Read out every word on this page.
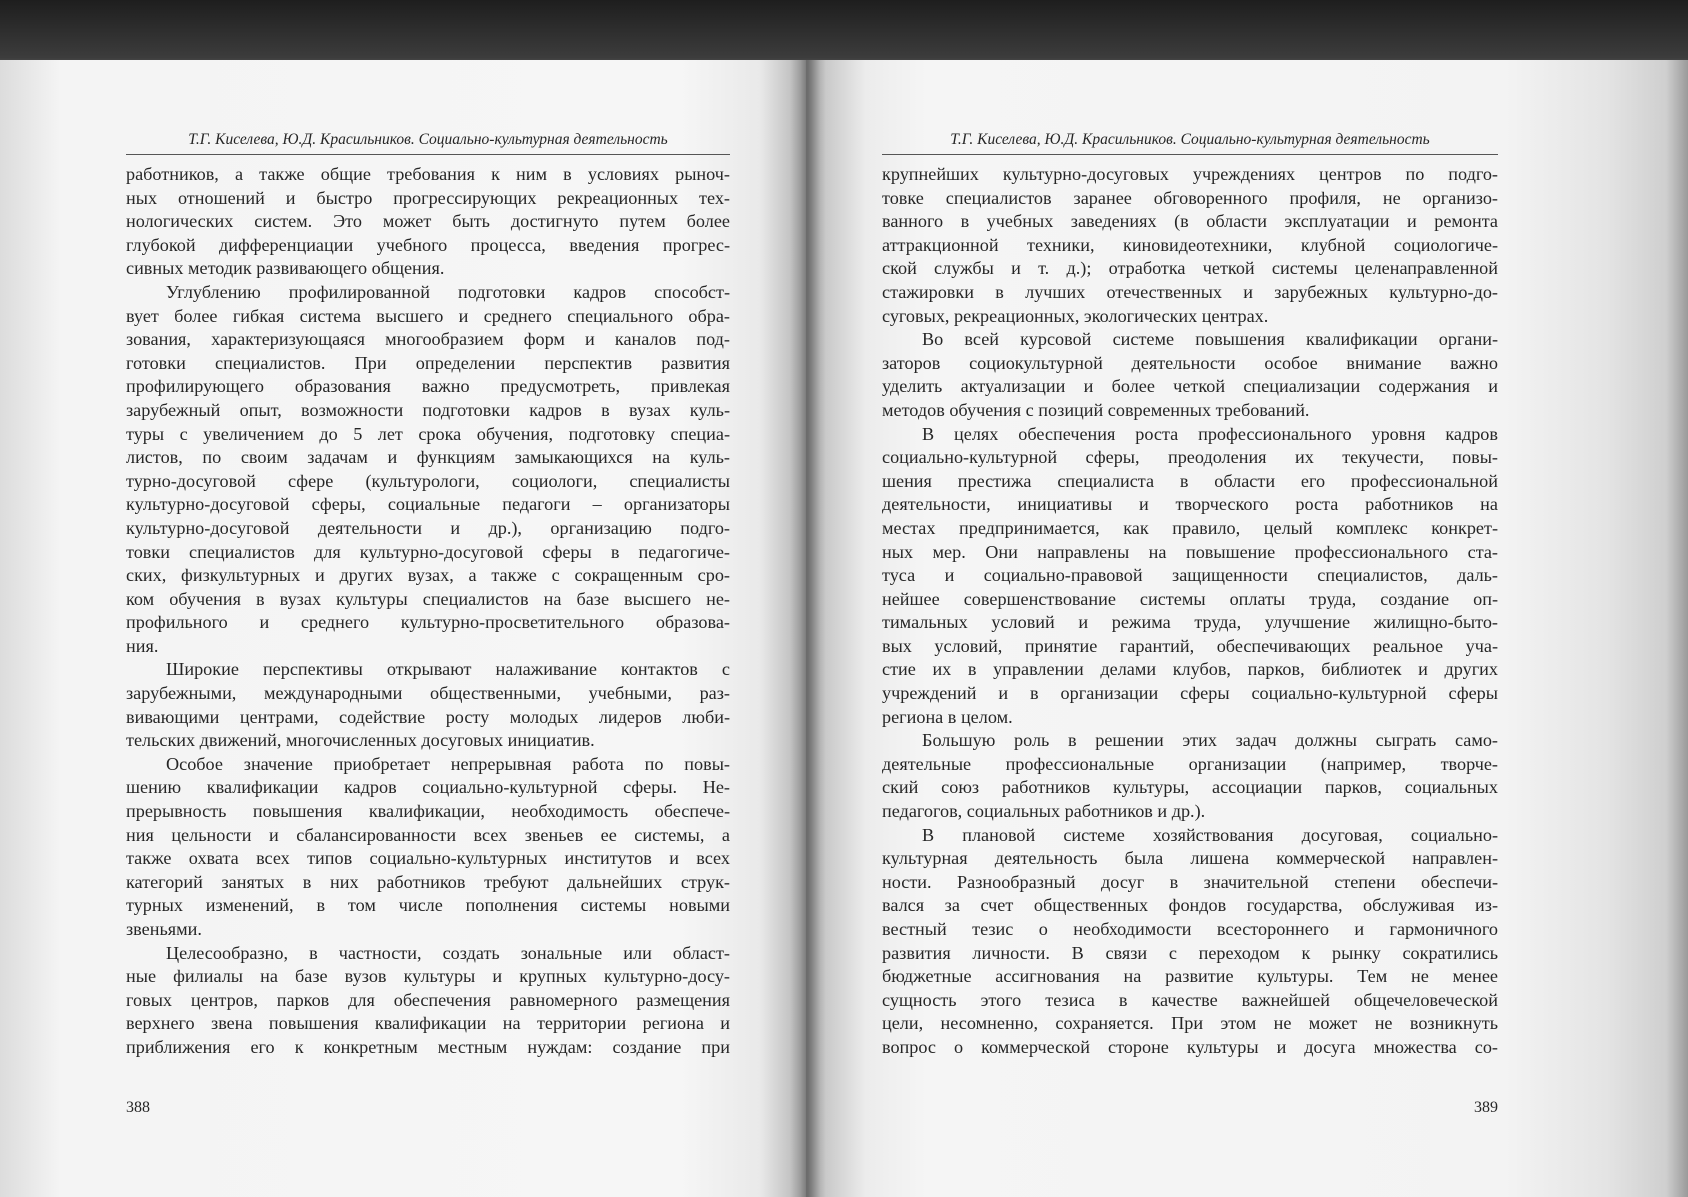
Т.Г. Киселева, Ю.Д. Красильников. Социально-культурная деятельность
работников, а также общие требования к ним в условиях рыноч-
ных отношений и быстро прогрессирующих рекреационных тех-
нологических систем. Это может быть достигнуто путем более
глубокой дифференциации учебного процесса, введения прогрес-
сивных методик развивающего общения.
Углублению профилированной подготовки кадров способст-
вует более гибкая система высшего и среднего специального обра-
зования, характеризующаяся многообразием форм и каналов под-
готовки специалистов. При определении перспектив развития
профилирующего образования важно предусмотреть, привлекая
зарубежный опыт, возможности подготовки кадров в вузах куль-
туры с увеличением до 5 лет срока обучения, подготовку специа-
листов, по своим задачам и функциям замыкающихся на куль-
турно-досуговой сфере (культурологи, социологи, специалисты
культурно-досуговой сферы, социальные педагоги – организаторы
культурно-досуговой деятельности и др.), организацию подго-
товки специалистов для культурно-досуговой сферы в педагогиче-
ских, физкультурных и других вузах, а также с сокращенным сро-
ком обучения в вузах культуры специалистов на базе высшего не-
профильного и среднего культурно-просветительного образова-
ния.
Широкие перспективы открывают налаживание контактов с
зарубежными, международными общественными, учебными, раз-
вивающими центрами, содействие росту молодых лидеров люби-
тельских движений, многочисленных досуговых инициатив.
Особое значение приобретает непрерывная работа по повы-
шению квалификации кадров социально-культурной сферы. Не-
прерывность повышения квалификации, необходимость обеспече-
ния цельности и сбалансированности всех звеньев ее системы, а
также охвата всех типов социально-культурных институтов и всех
категорий занятых в них работников требуют дальнейших струк-
турных изменений, в том числе пополнения системы новыми
звеньями.
Целесообразно, в частности, создать зональные или област-
ные филиалы на базе вузов культуры и крупных культурно-досу-
говых центров, парков для обеспечения равномерного размещения
верхнего звена повышения квалификации на территории региона и
приближения его к конкретным местным нуждам: создание при
388
Т.Г. Киселева, Ю.Д. Красильников. Социально-культурная деятельность
крупнейших культурно-досуговых учреждениях центров по подго-
товке специалистов заранее обговоренного профиля, не организо-
ванного в учебных заведениях (в области эксплуатации и ремонта
аттракционной техники, киновидеотехники, клубной социологиче-
ской службы и т. д.); отработка четкой системы целенаправленной
стажировки в лучших отечественных и зарубежных культурно-до-
суговых, рекреационных, экологических центрах.
Во всей курсовой системе повышения квалификации органи-
заторов социокультурной деятельности особое внимание важно
уделить актуализации и более четкой специализации содержания и
методов обучения с позиций современных требований.
В целях обеспечения роста профессионального уровня кадров
социально-культурной сферы, преодоления их текучести, повы-
шения престижа специалиста в области его профессиональной
деятельности, инициативы и творческого роста работников на
местах предпринимается, как правило, целый комплекс конкрет-
ных мер. Они направлены на повышение профессионального ста-
туса и социально-правовой защищенности специалистов, даль-
нейшее совершенствование системы оплаты труда, создание оп-
тимальных условий и режима труда, улучшение жилищно-быто-
вых условий, принятие гарантий, обеспечивающих реальное уча-
стие их в управлении делами клубов, парков, библиотек и других
учреждений и в организации сферы социально-культурной сферы
региона в целом.
Большую роль в решении этих задач должны сыграть само-
деятельные профессиональные организации (например, творче-
ский союз работников культуры, ассоциации парков, социальных
педагогов, социальных работников и др.).
В плановой системе хозяйствования досуговая, социально-
культурная деятельность была лишена коммерческой направлен-
ности. Разнообразный досуг в значительной степени обеспечи-
вался за счет общественных фондов государства, обслуживая из-
вестный тезис о необходимости всестороннего и гармоничного
развития личности. В связи с переходом к рынку сократились
бюджетные ассигнования на развитие культуры. Тем не менее
сущность этого тезиса в качестве важнейшей общечеловеческой
цели, несомненно, сохраняется. При этом не может не возникнуть
вопрос о коммерческой стороне культуры и досуга множества со-
389
